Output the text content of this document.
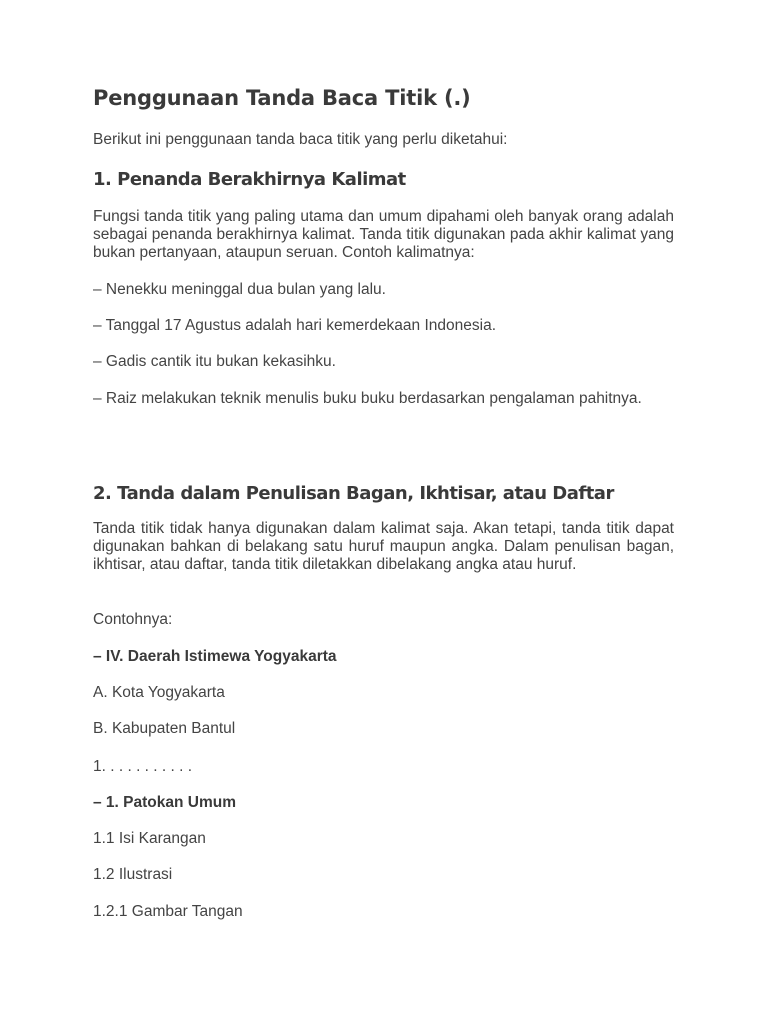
Penggunaan Tanda Baca Titik (.)

Berikut ini penggunaan tanda baca titik yang perlu diketahui:

1. Penanda Berakhirnya Kalimat

Fungsi tanda titik yang paling utama dan umum dipahami oleh banyak orang adalah sebagai penanda berakhirnya kalimat. Tanda titik digunakan pada akhir kalimat yang bukan pertanyaan, ataupun seruan. Contoh kalimatnya:

– Nenekku meninggal dua bulan yang lalu.

– Tanggal 17 Agustus adalah hari kemerdekaan Indonesia.

– Gadis cantik itu bukan kekasihku.

– Raiz melakukan teknik menulis buku buku berdasarkan pengalaman pahitnya.

2. Tanda dalam Penulisan Bagan, Ikhtisar, atau Daftar

Tanda titik tidak hanya digunakan dalam kalimat saja. Akan tetapi, tanda titik dapat digunakan bahkan di belakang satu huruf maupun angka. Dalam penulisan bagan, ikhtisar, atau daftar, tanda titik diletakkan dibelakang angka atau huruf.

Contohnya:

– IV. Daerah Istimewa Yogyakarta

A. Kota Yogyakarta

B. Kabupaten Bantul

1. . . . . . . . . . .

– 1. Patokan Umum

1.1 Isi Karangan

1.2 Ilustrasi

1.2.1 Gambar Tangan
